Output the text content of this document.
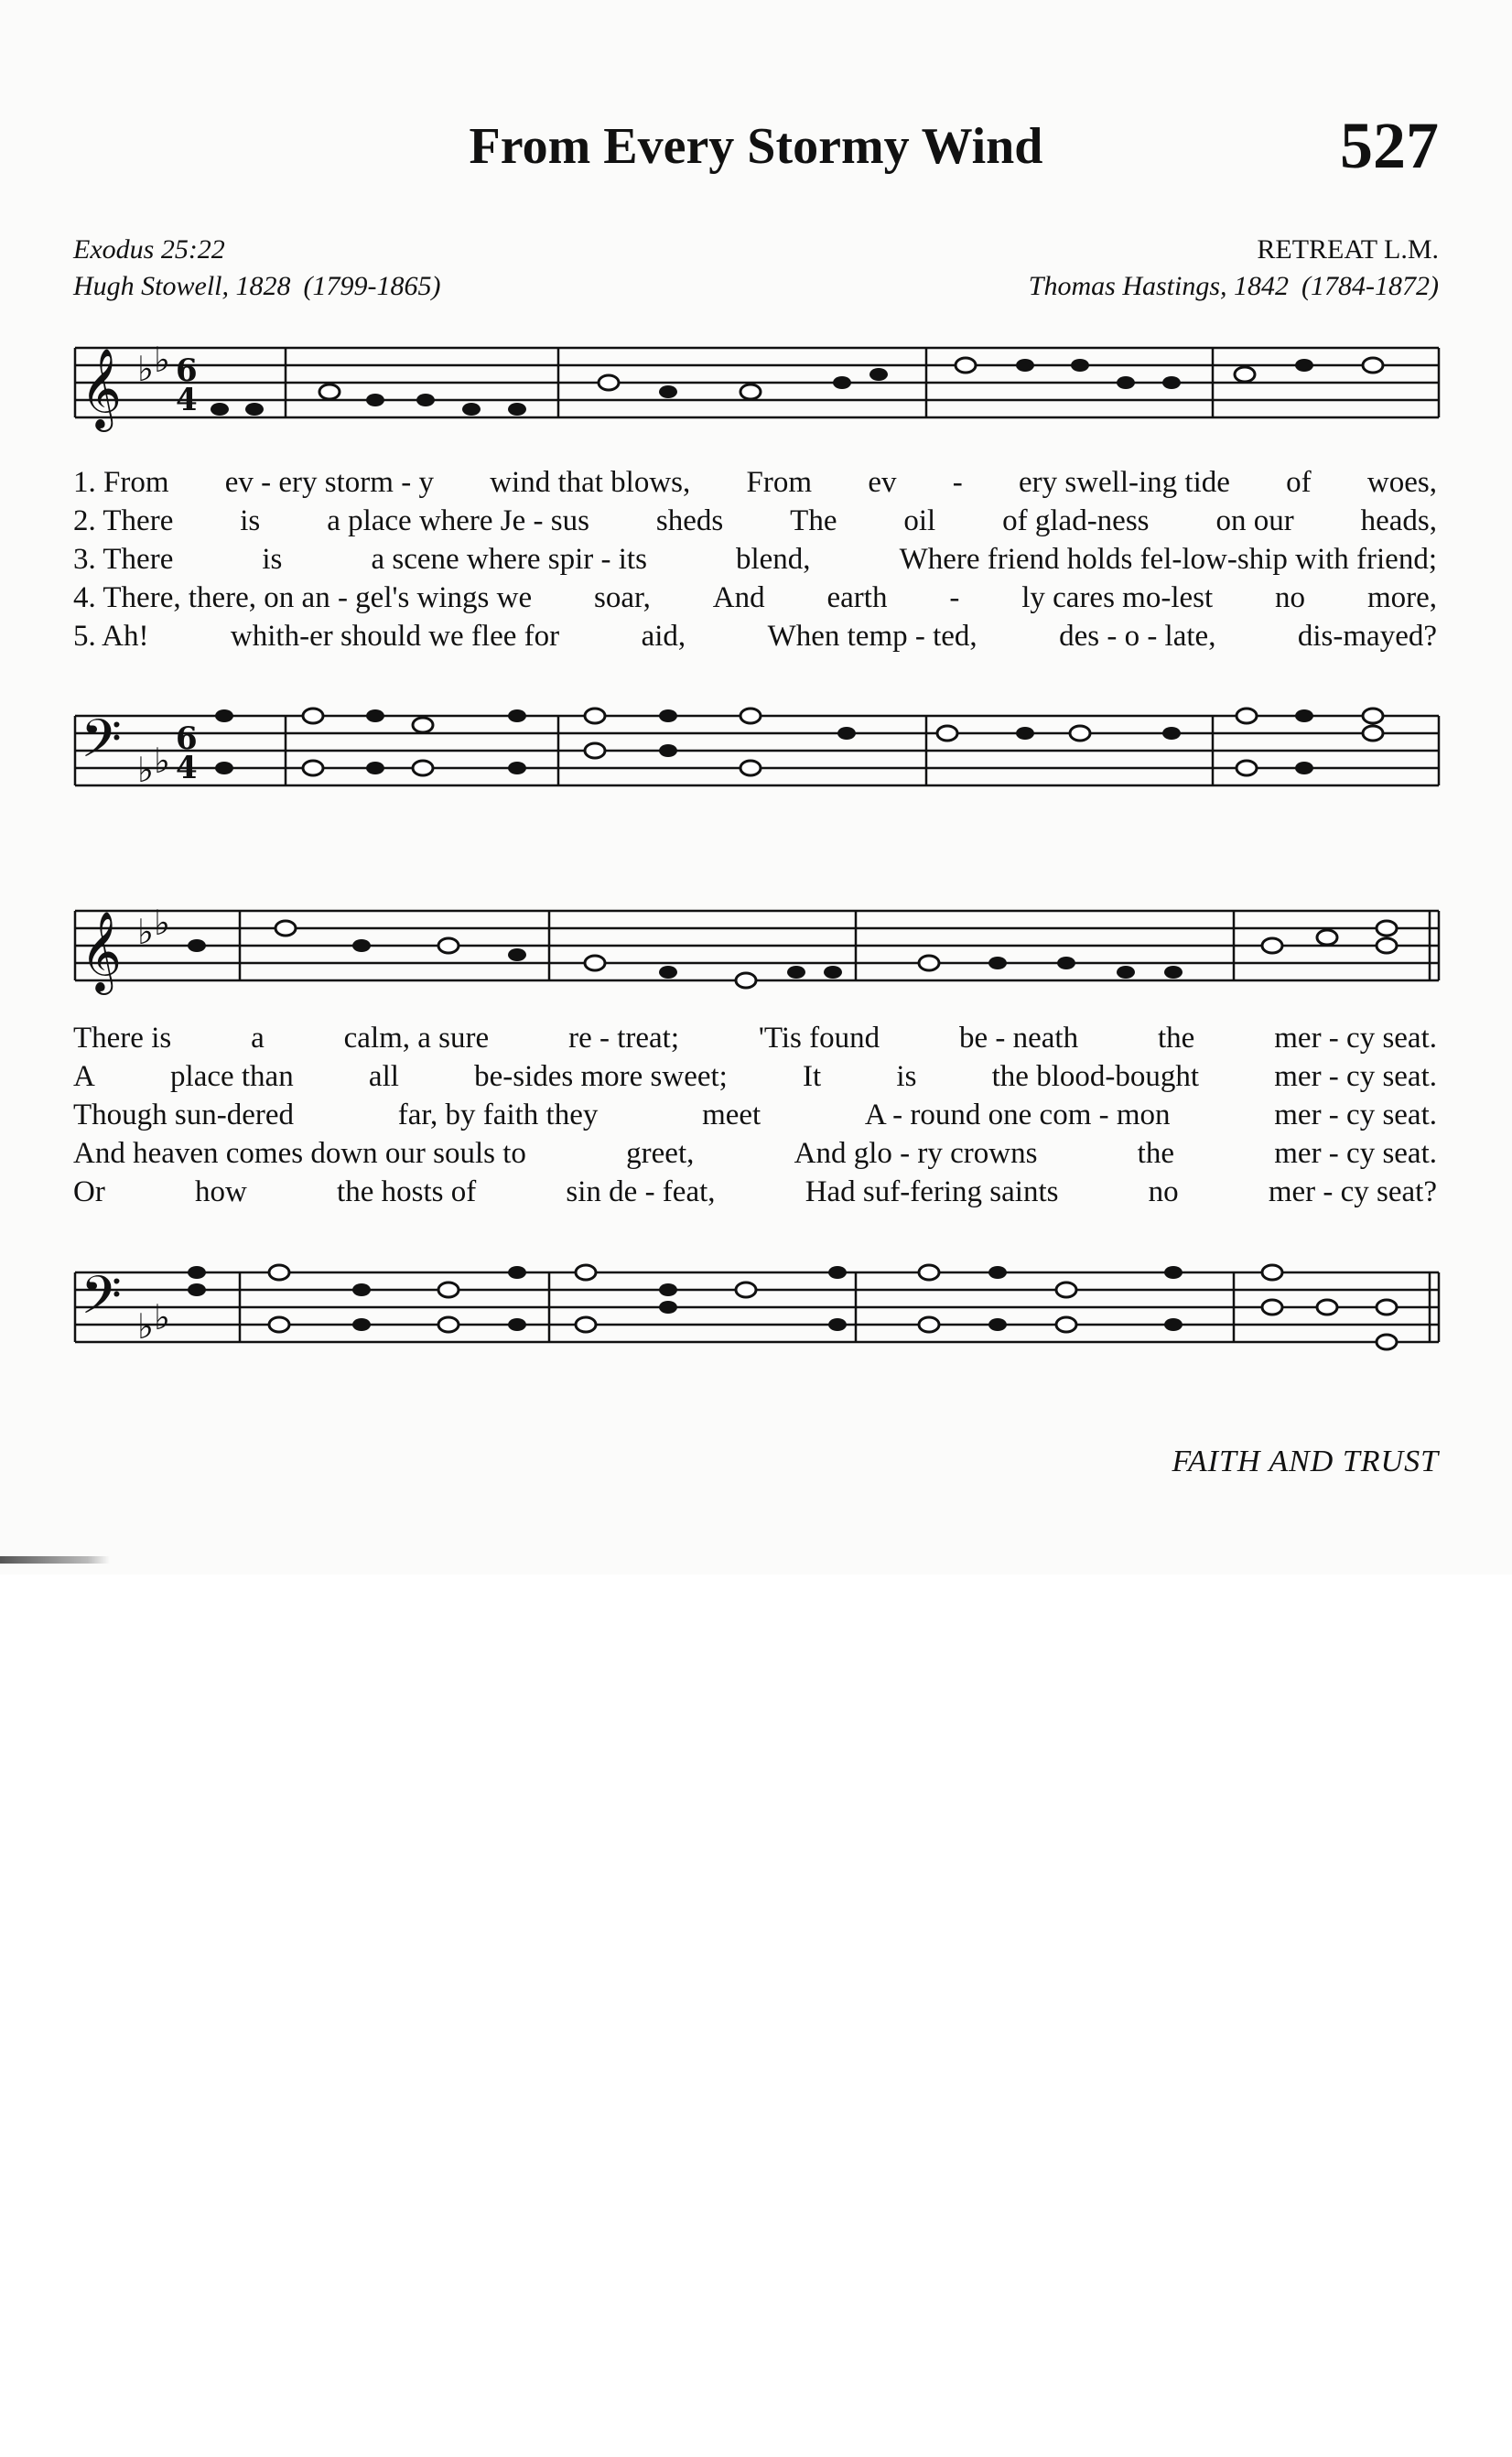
From Every Stormy Wind	527

Exodus 25:22

Hugh Stowell, 1828 (1799-1865)

RETREAT L.M.

Thomas Hastings, 1842 (1784-1872)

𝄞 ♭ ♭ 6
4
1. From ev - ery storm - y wind that blows, From ev - ery swell-ing tide of woes,
2. There is a place where Je - sus sheds The oil of glad-ness on our heads,
3. There	is	a scene where spir - its	blend,	Where friend holds fel-low-ship with friend;
4. There, there, on an - gel's wings we soar, And earth - ly cares mo-lest no more,
5. Ah!	whith-er should we flee for	aid,	When temp - ted,	des - o - late,	dis-mayed?
𝄢 ♭ ♭
6
4
𝄞 ♭ ♭
There is	a	calm, a sure	re - treat;	'Tis found	be - neath	the	mer - cy seat.
A place than all be-sides more sweet; It is the blood-bought mer - cy seat.
Though sun-dered	far, by faith they	meet	A - round one com - mon	mer - cy seat.
And heaven comes down our souls to	greet,	And glo - ry crowns	the	mer - cy seat.
Or	how	the hosts of	sin de - feat,	Had suf-fering saints	no	mer - cy seat?
𝄢 ♭ ♭

FAITH AND TRUST
